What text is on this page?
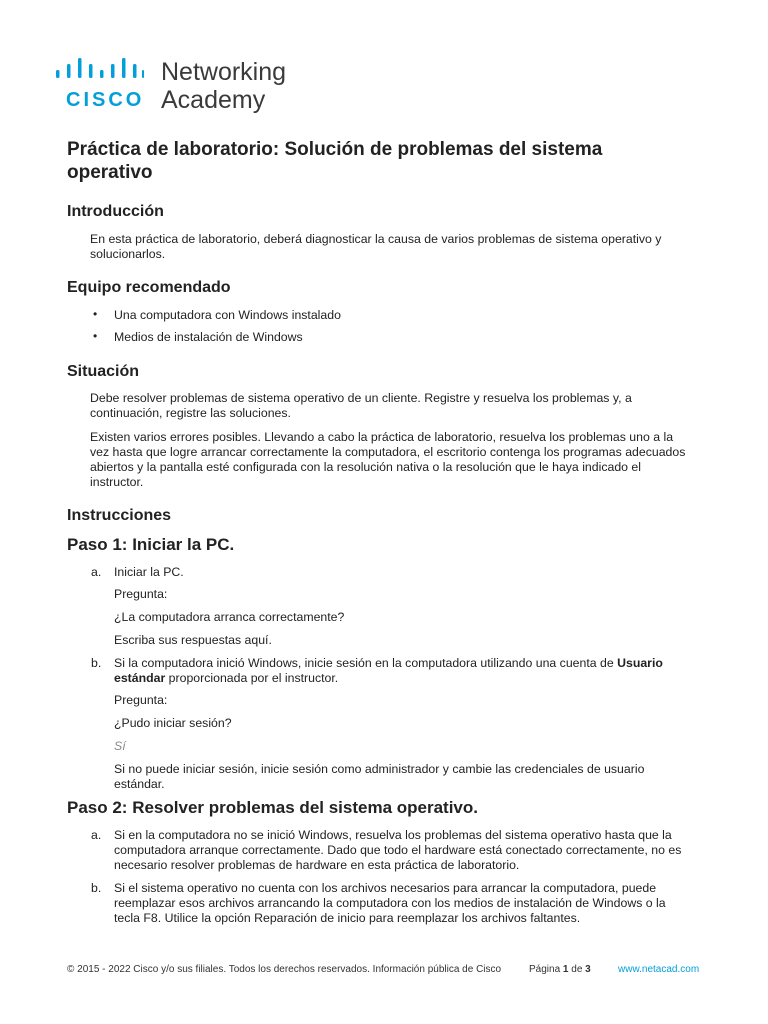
CISCO
Networking
Academy
Práctica de laboratorio: Solución de problemas del sistema operativo
Introducción
En esta práctica de laboratorio, deberá diagnosticar la causa de varios problemas de sistema operativo y solucionarlos.
Equipo recomendado
• Una computadora con Windows instalado
• Medios de instalación de Windows
Situación
Debe resolver problemas de sistema operativo de un cliente. Registre y resuelva los problemas y, a continuación, registre las soluciones.
Existen varios errores posibles. Llevando a cabo la práctica de laboratorio, resuelva los problemas uno a la vez hasta que logre arrancar correctamente la computadora, el escritorio contenga los programas adecuados abiertos y la pantalla esté configurada con la resolución nativa o la resolución que le haya indicado el instructor.
Instrucciones
Paso 1: Iniciar la PC.
a. Iniciar la PC.
Pregunta:
¿La computadora arranca correctamente?
Escriba sus respuestas aquí.
b. Si la computadora inició Windows, inicie sesión en la computadora utilizando una cuenta de Usuario estándar proporcionada por el instructor.
Pregunta:
¿Pudo iniciar sesión?
Sí
Si no puede iniciar sesión, inicie sesión como administrador y cambie las credenciales de usuario estándar.
Paso 2: Resolver problemas del sistema operativo.
a. Si en la computadora no se inició Windows, resuelva los problemas del sistema operativo hasta que la computadora arranque correctamente. Dado que todo el hardware está conectado correctamente, no es necesario resolver problemas de hardware en esta práctica de laboratorio.
b. Si el sistema operativo no cuenta con los archivos necesarios para arrancar la computadora, puede reemplazar esos archivos arrancando la computadora con los medios de instalación de Windows o la tecla F8. Utilice la opción Reparación de inicio para reemplazar los archivos faltantes.
© 2015 - 2022 Cisco y/o sus filiales. Todos los derechos reservados. Información pública de Cisco	Página 1 de 3	www.netacad.com
